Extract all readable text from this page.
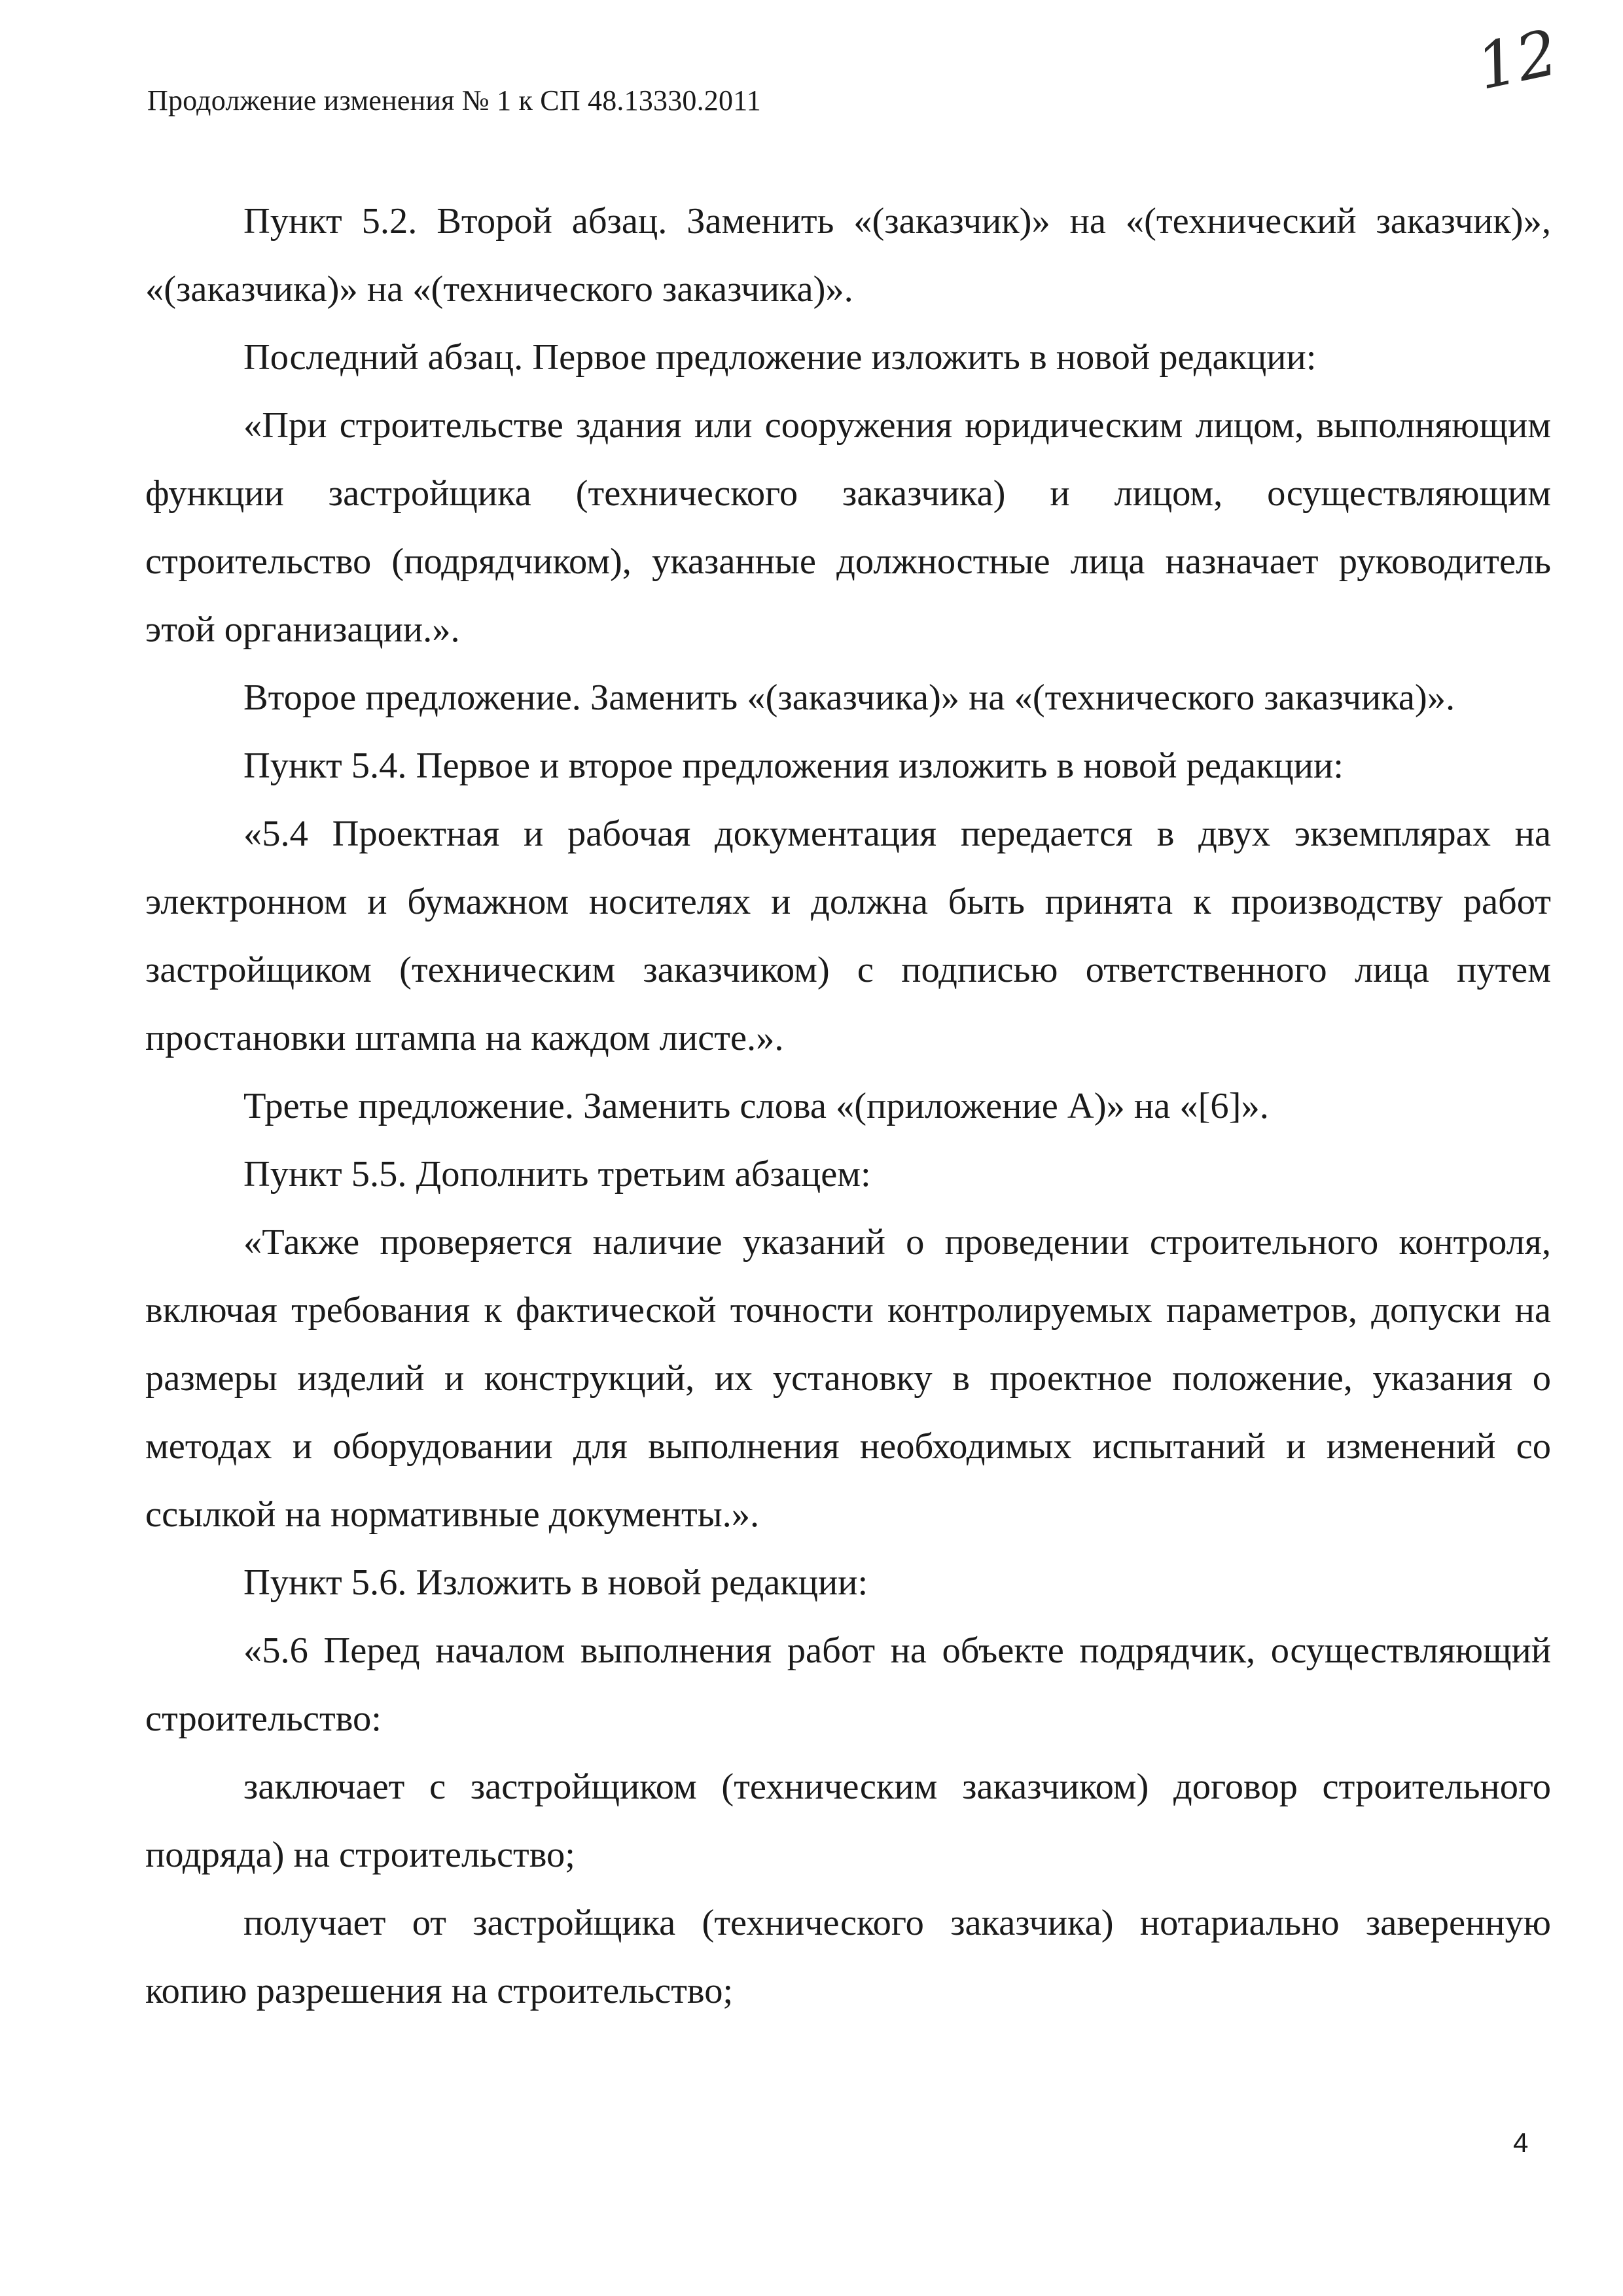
Продолжение изменения № 1 к СП 48.13330.2011	12

Пункт 5.2. Второй абзац. Заменить «(заказчик)» на «(технический заказчик)», «(заказчика)» на «(технического заказчика)».

Последний абзац. Первое предложение изложить в новой редакции:

«При строительстве здания или сооружения юридическим лицом, выполняющим функции застройщика (технического заказчика) и лицом, осуществляющим строительство (подрядчиком), указанные должностные лица назначает руководитель этой организации.».

Второе предложение. Заменить «(заказчика)» на «(технического заказчика)».

Пункт 5.4. Первое и второе предложения изложить в новой редакции:

«5.4 Проектная и рабочая документация передается в двух экземплярах на электронном и бумажном носителях и должна быть принята к производству работ застройщиком (техническим заказчиком) с подписью ответственного лица путем простановки штампа на каждом листе.».

Третье предложение. Заменить слова «(приложение А)» на «[6]».

Пункт 5.5. Дополнить третьим абзацем:

«Также проверяется наличие указаний о проведении строительного контроля, включая требования к фактической точности контролируемых параметров, допуски на размеры изделий и конструкций, их установку в проектное положение, указания о методах и оборудовании для выполнения необходимых испытаний и изменений со ссылкой на нормативные документы.».

Пункт 5.6. Изложить в новой редакции:

«5.6 Перед началом выполнения работ на объекте подрядчик, осуществляющий строительство:

заключает с застройщиком (техническим заказчиком) договор строительного подряда) на строительство;

получает от застройщика (технического заказчика) нотариально заверенную копию разрешения на строительство;

4
